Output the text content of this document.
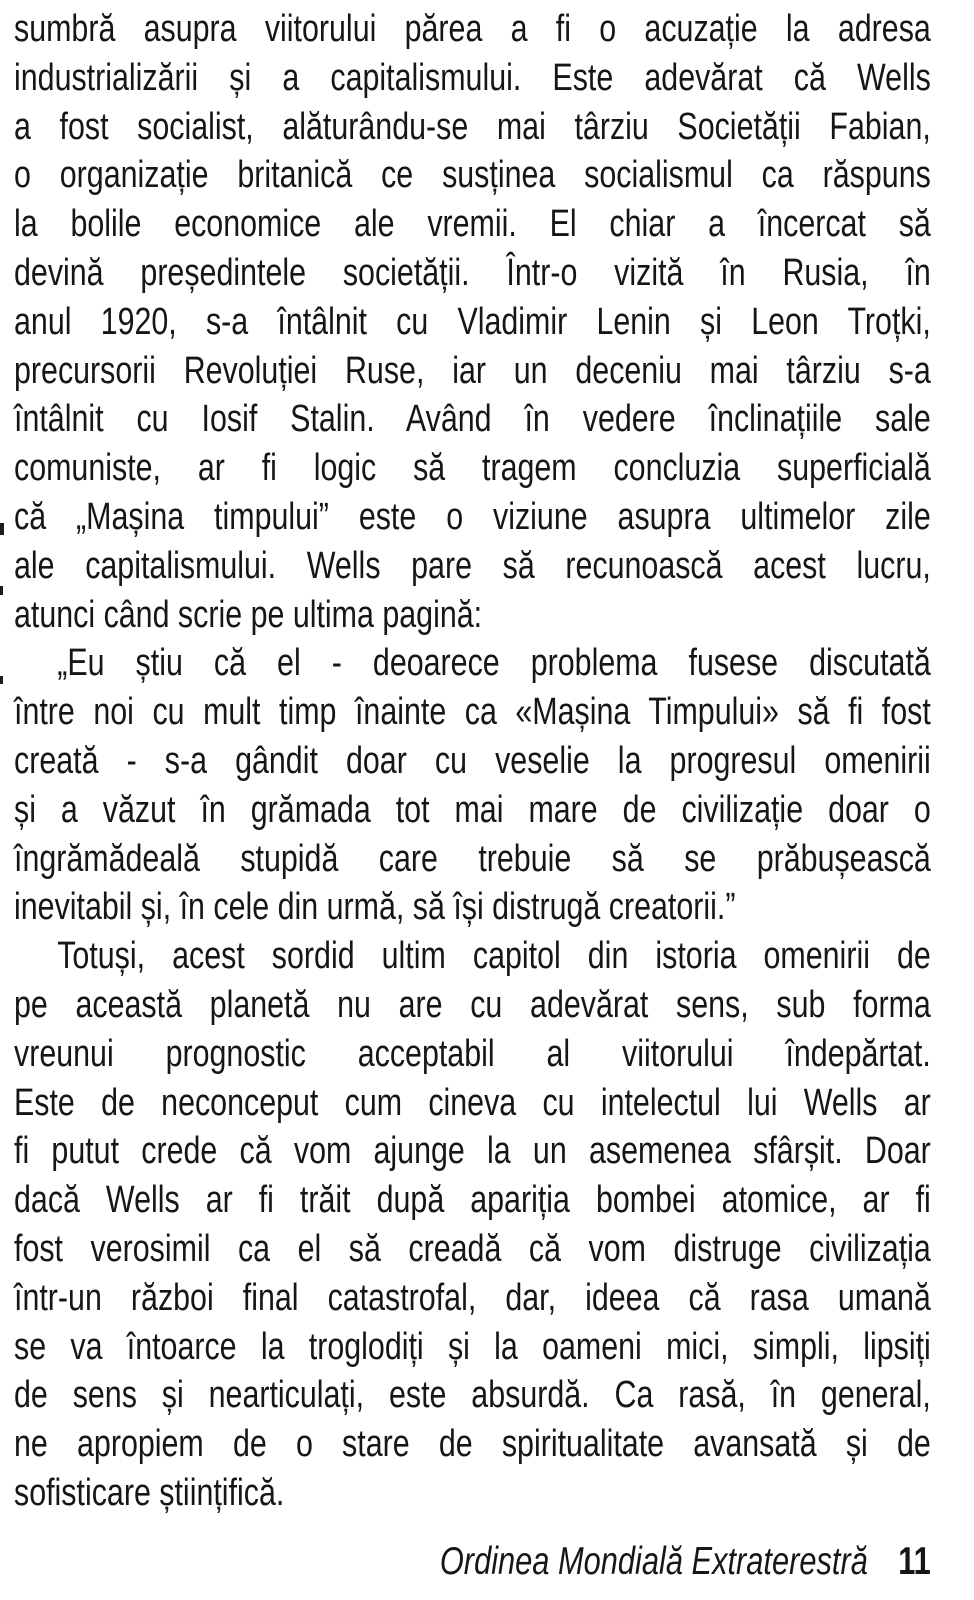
sumbră asupra viitorului părea a fi o acuzație la adresa
industrializării și a capitalismului. Este adevărat că Wells
a fost socialist, alăturându-se mai târziu Societății Fabian,
o organizație britanică ce susținea socialismul ca răspuns
la bolile economice ale vremii. El chiar a încercat să
devină președintele societății. Într-o vizită în Rusia, în
anul 1920, s-a întâlnit cu Vladimir Lenin și Leon Troțki,
precursorii Revoluției Ruse, iar un deceniu mai târziu s-a
întâlnit cu Iosif Stalin. Având în vedere înclinațiile sale
comuniste, ar fi logic să tragem concluzia superficială
că „Mașina timpului” este o viziune asupra ultimelor zile
ale capitalismului. Wells pare să recunoască acest lucru,
atunci când scrie pe ultima pagină:
„Eu știu că el - deoarece problema fusese discutată
între noi cu mult timp înainte ca «Mașina Timpului» să fi fost
creată - s-a gândit doar cu veselie la progresul omenirii
și a văzut în grămada tot mai mare de civilizație doar o
îngrămădeală stupidă care trebuie să se prăbușească
inevitabil și, în cele din urmă, să își distrugă creatorii.”
Totuși, acest sordid ultim capitol din istoria omenirii de
pe această planetă nu are cu adevărat sens, sub forma
vreunui prognostic acceptabil al viitorului îndepărtat.
Este de neconceput cum cineva cu intelectul lui Wells ar
fi putut crede că vom ajunge la un asemenea sfârșit. Doar
dacă Wells ar fi trăit după apariția bombei atomice, ar fi
fost verosimil ca el să creadă că vom distruge civilizația
într-un război final catastrofal, dar, ideea că rasa umană
se va întoarce la troglodiți și la oameni mici, simpli, lipsiți
de sens și nearticulați, este absurdă. Ca rasă, în general,
ne apropiem de o stare de spiritualitate avansată și de
sofisticare științifică.
Ordinea Mondială Extraterestră 11
